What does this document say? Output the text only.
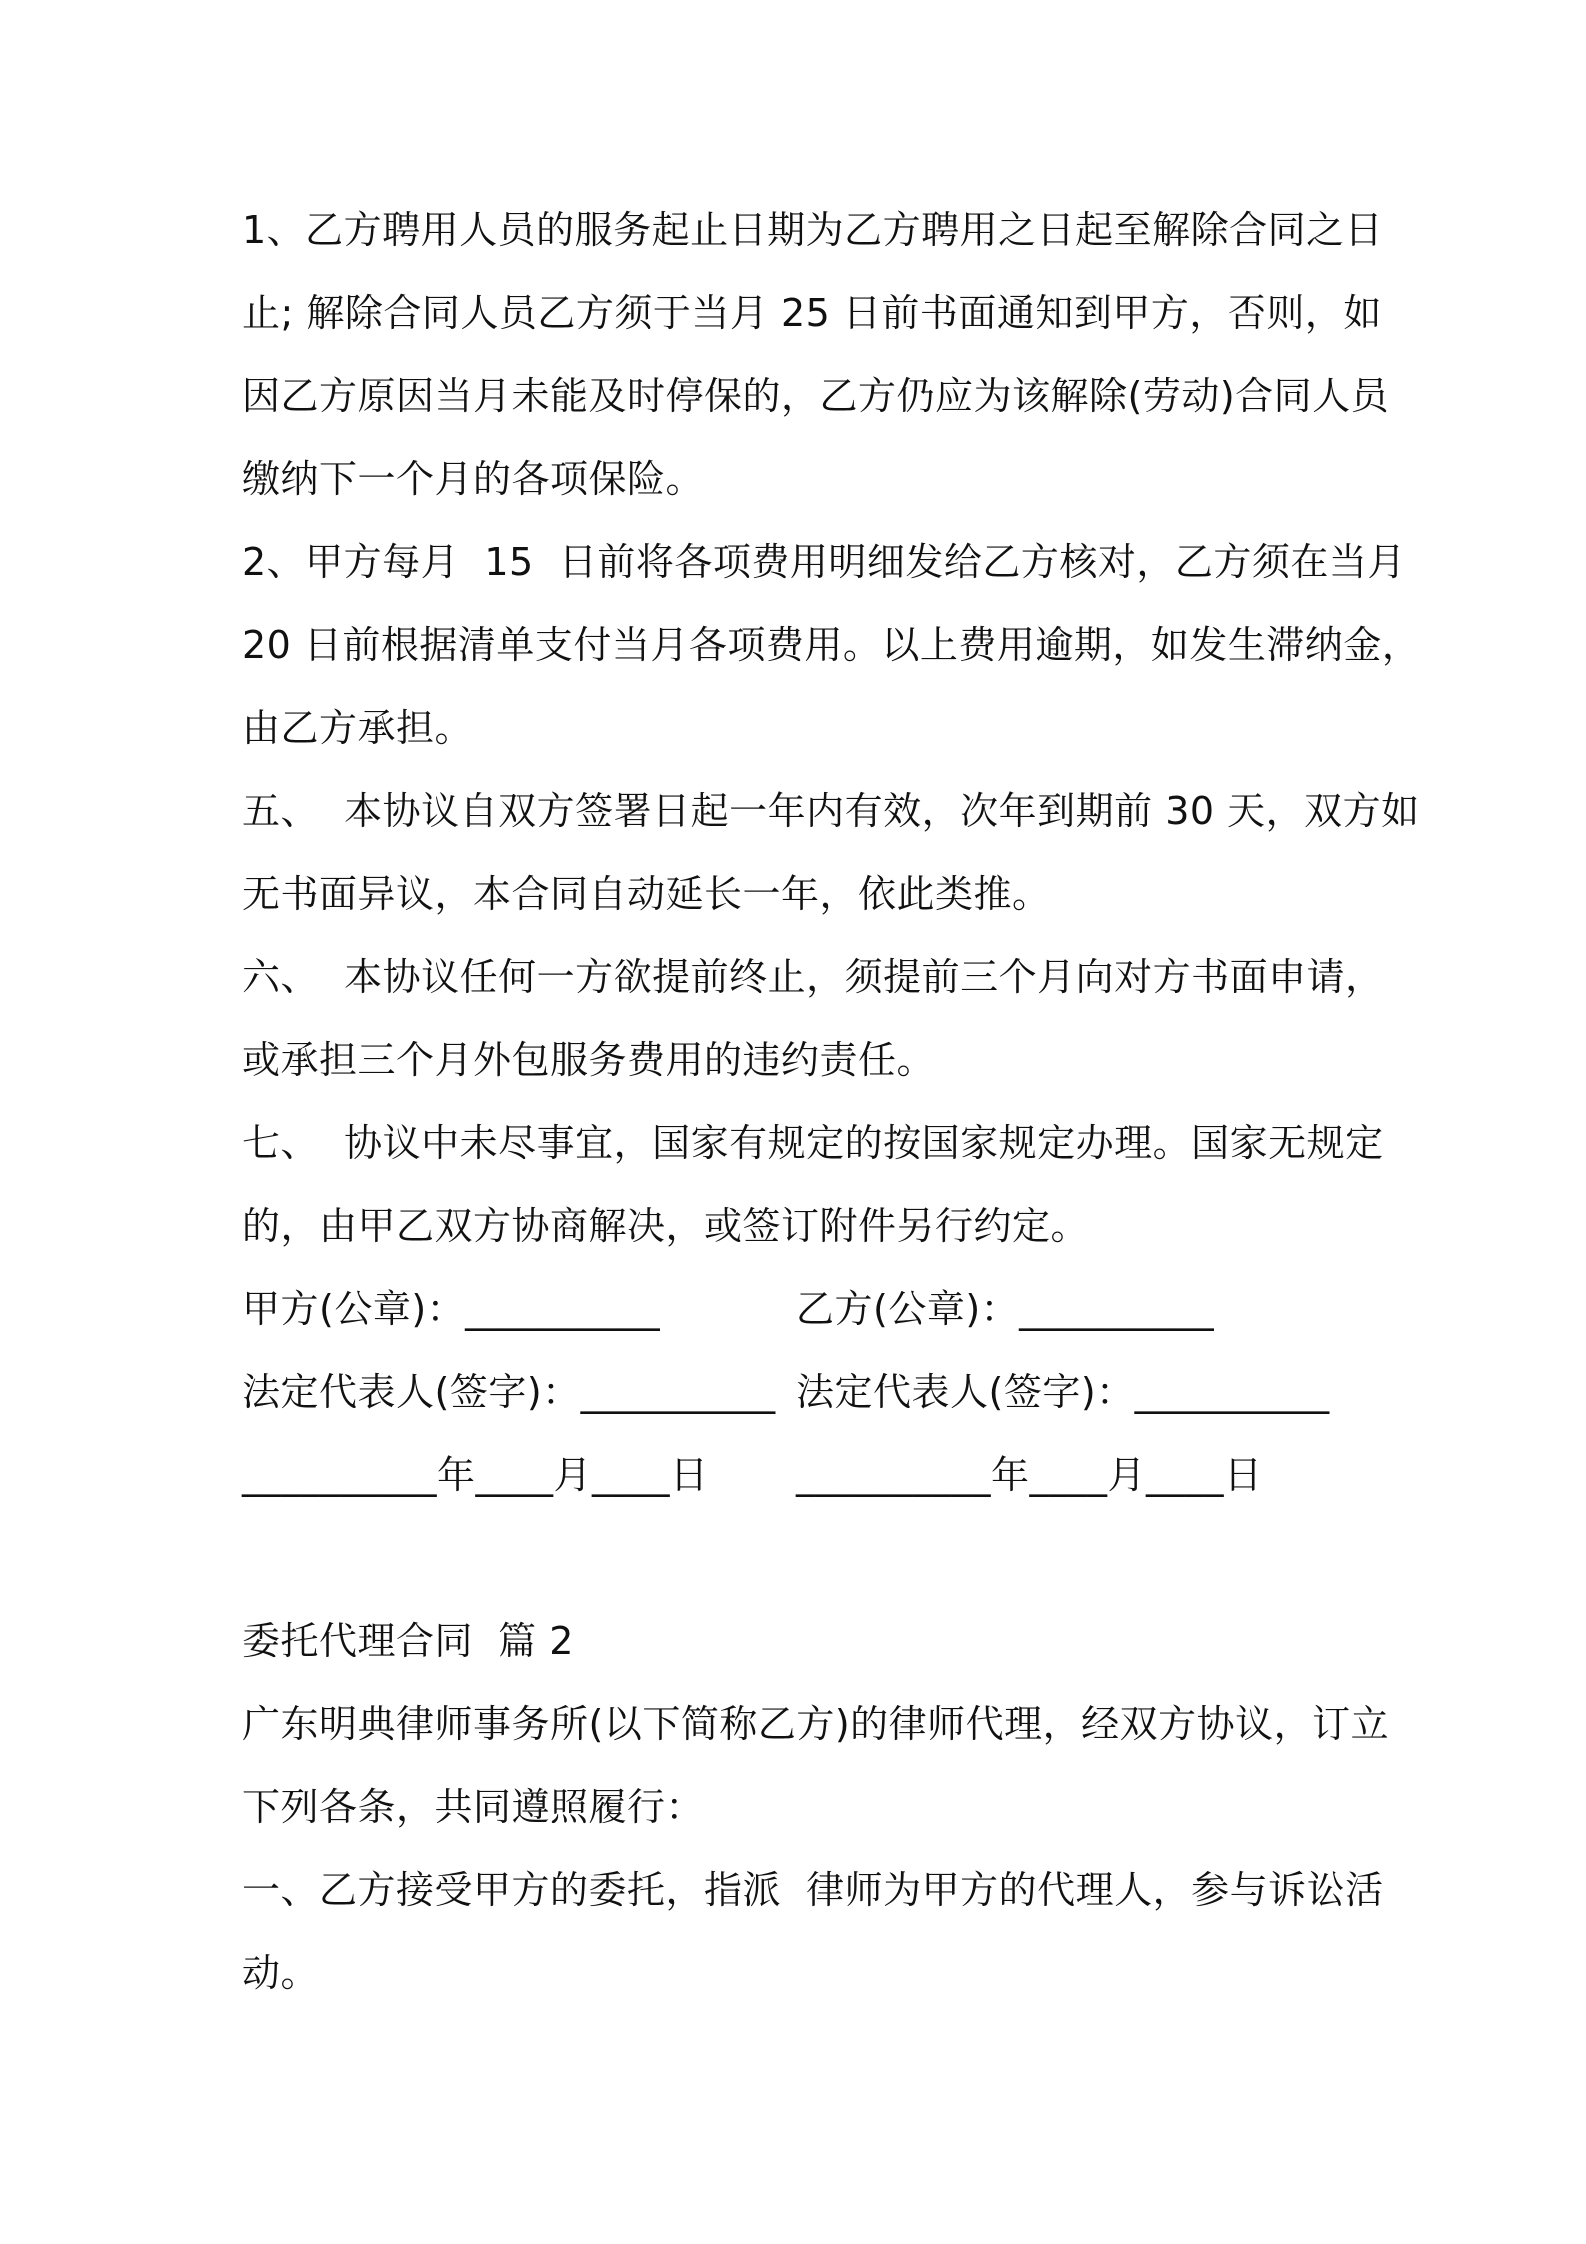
1、乙方聘用人员的服务起止日期为乙方聘用之日起至解除合同之日
止; 解除合同人员乙方须于当月 25 日前书面通知到甲方，否则，如
因乙方原因当月未能及时停保的，乙方仍应为该解除(劳动)合同人员
缴纳下一个月的各项保险。
2、甲方每月  15  日前将各项费用明细发给乙方核对，乙方须在当月
20 日前根据清单支付当月各项费用。以上费用逾期，如发生滞纳金，
由乙方承担。
五、  本协议自双方签署日起一年内有效，次年到期前 30 天，双方如
无书面异议，本合同自动延长一年，依此类推。
六、  本协议任何一方欲提前终止，须提前三个月向对方书面申请，
或承担三个月外包服务费用的违约责任。
七、  协议中未尽事宜，国家有规定的按国家规定办理。国家无规定
的，由甲乙双方协商解决，或签订附件另行约定。
甲方(公章)：__________	乙方(公章)：__________
法定代表人(签字)：__________ 法定代表人(签字)：__________
__________年____月____日 __________年____月____日
委托代理合同  篇 2
广东明典律师事务所(以下简称乙方)的律师代理，经双方协议，订立
下列各条，共同遵照履行：
一、乙方接受甲方的委托，指派  律师为甲方的代理人，参与诉讼活
动。
